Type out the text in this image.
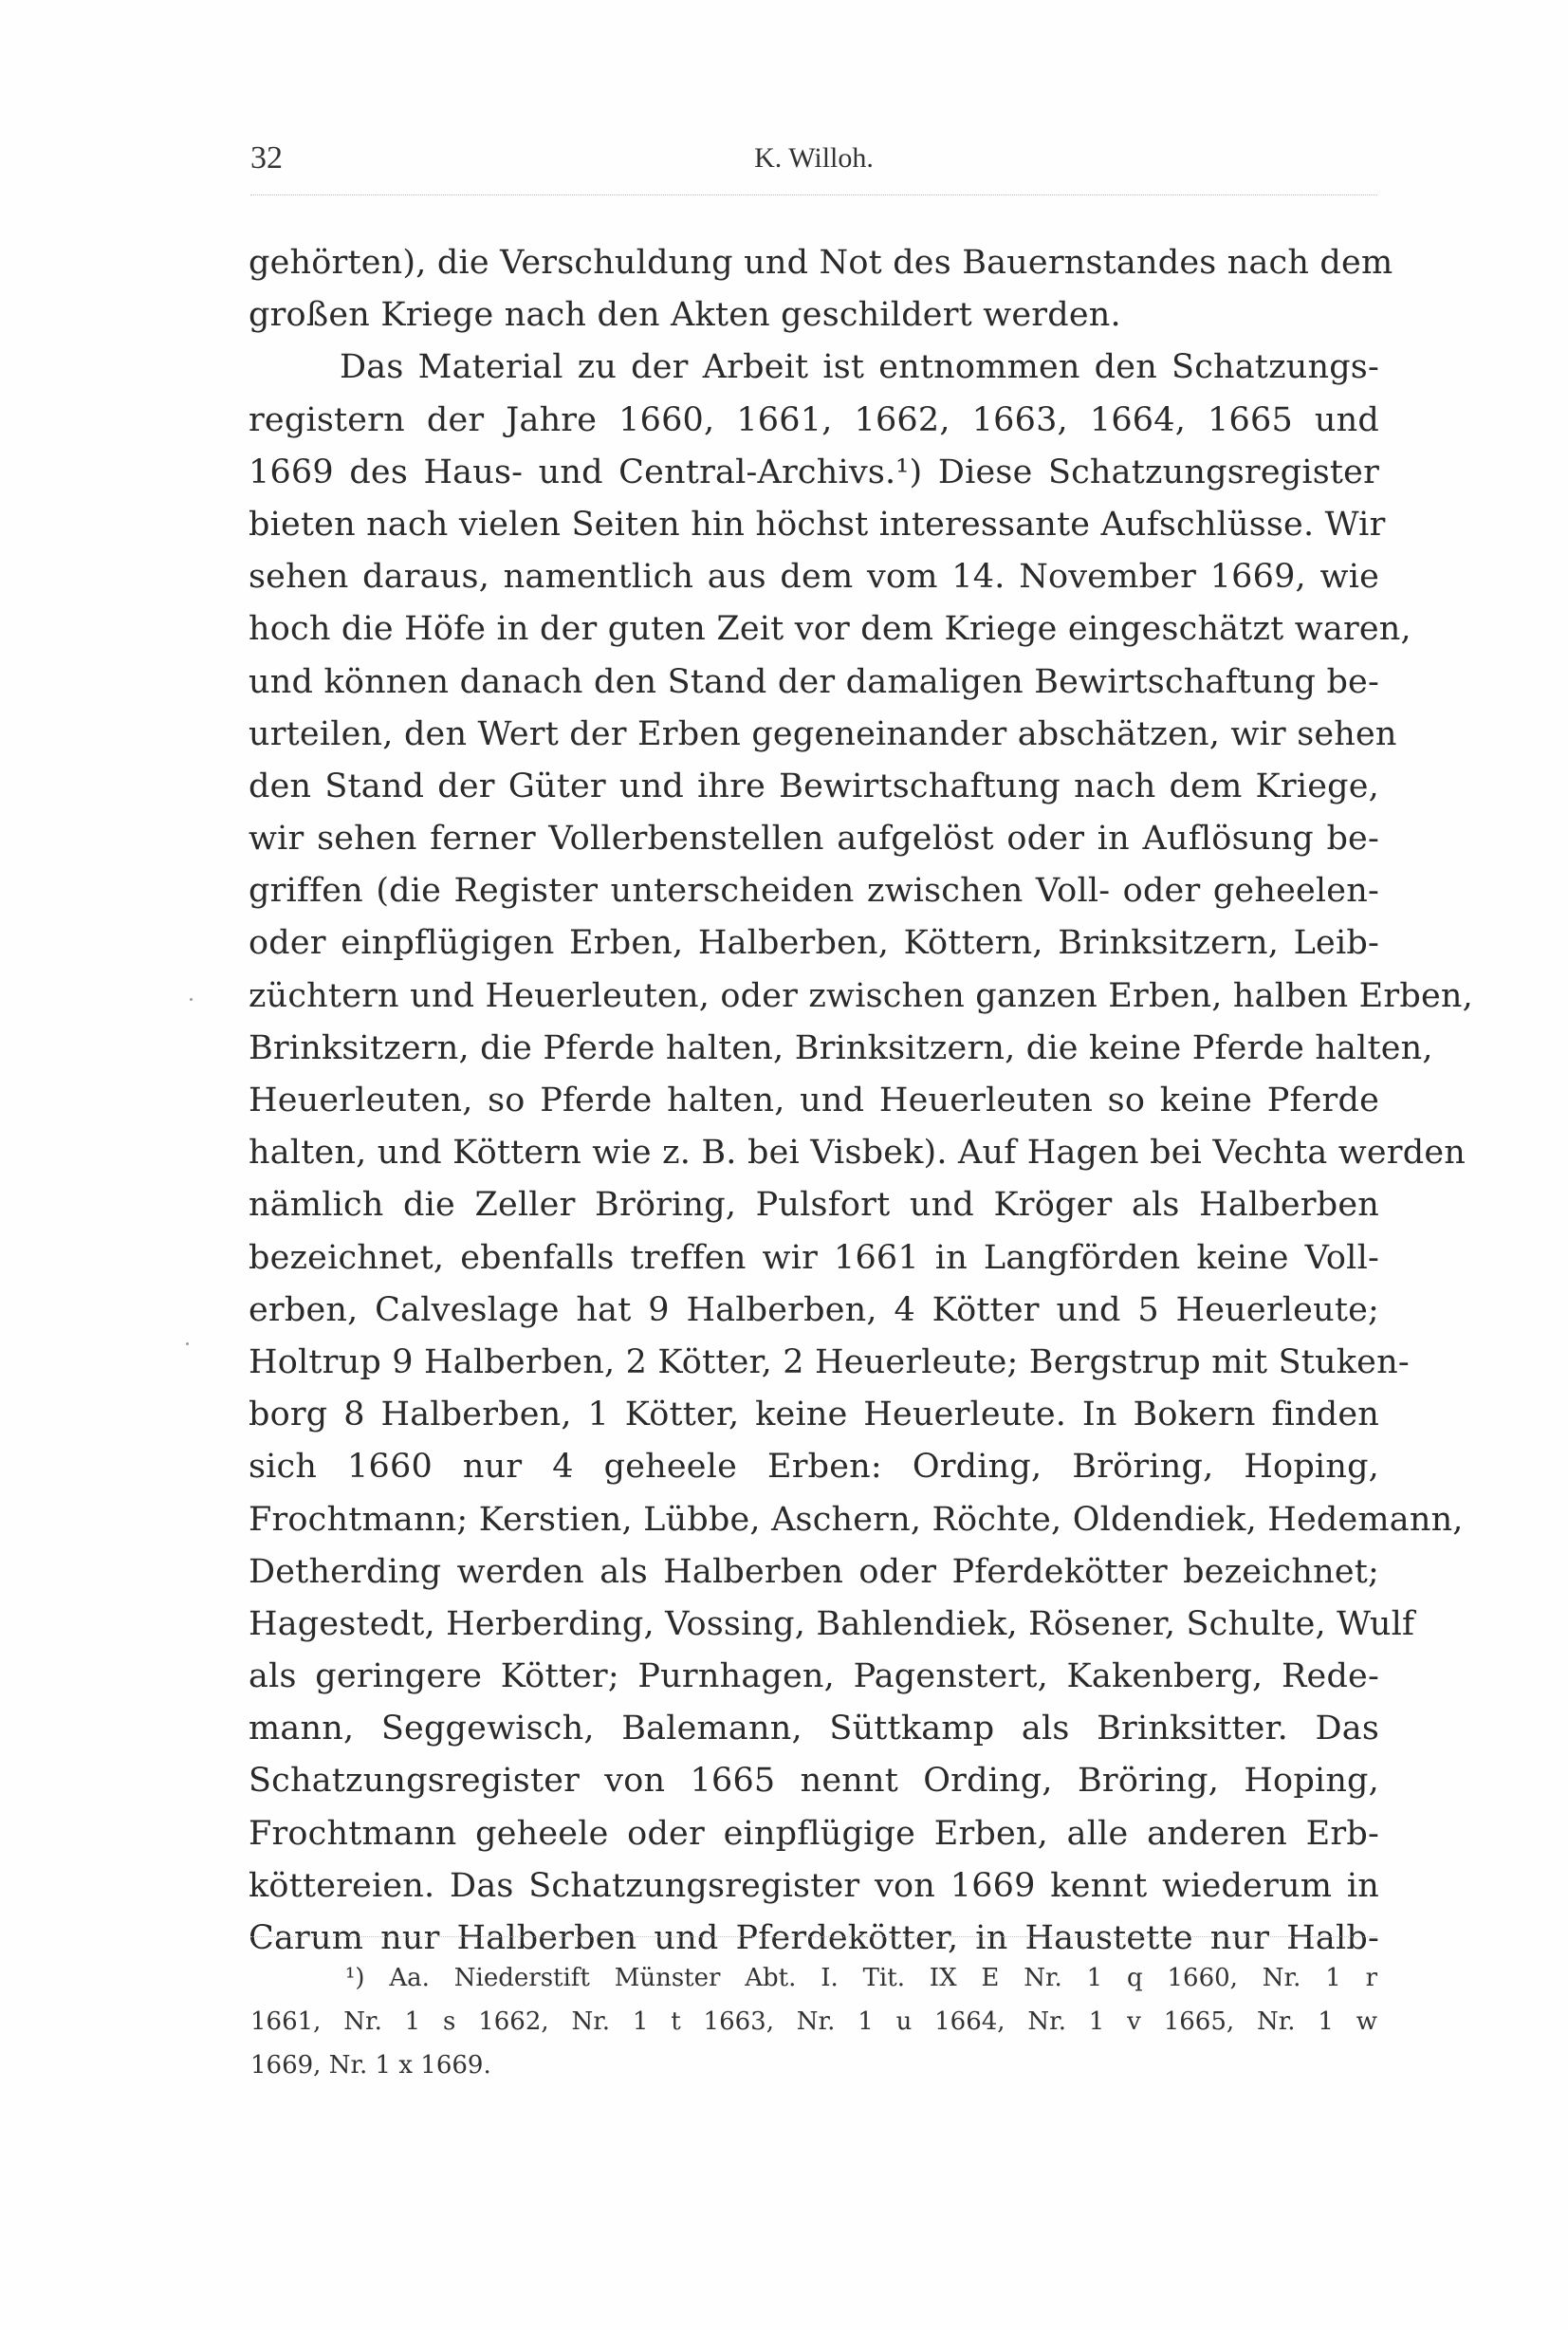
32	K. Willoh.
gehörten), die Verschuldung und Not des Bauernstandes nach dem
großen Kriege nach den Akten geschildert werden.
Das Material zu der Arbeit ist entnommen den Schatzungs-
registern der Jahre 1660, 1661, 1662, 1663, 1664, 1665 und
1669 des Haus- und Central-Archivs.¹) Diese Schatzungsregister
bieten nach vielen Seiten hin höchst interessante Aufschlüsse. Wir
sehen daraus, namentlich aus dem vom 14. November 1669, wie
hoch die Höfe in der guten Zeit vor dem Kriege eingeschätzt waren,
und können danach den Stand der damaligen Bewirtschaftung be-
urteilen, den Wert der Erben gegeneinander abschätzen, wir sehen
den Stand der Güter und ihre Bewirtschaftung nach dem Kriege,
wir sehen ferner Vollerbenstellen aufgelöst oder in Auflösung be-
griffen (die Register unterscheiden zwischen Voll- oder geheelen-
oder einpflügigen Erben, Halberben, Köttern, Brinksitzern, Leib-
züchtern und Heuerleuten, oder zwischen ganzen Erben, halben Erben,
Brinksitzern, die Pferde halten, Brinksitzern, die keine Pferde halten,
Heuerleuten, so Pferde halten, und Heuerleuten so keine Pferde
halten, und Köttern wie z. B. bei Visbek). Auf Hagen bei Vechta werden
nämlich die Zeller Bröring, Pulsfort und Kröger als Halberben
bezeichnet, ebenfalls treffen wir 1661 in Langförden keine Voll-
erben, Calveslage hat 9 Halberben, 4 Kötter und 5 Heuerleute;
Holtrup 9 Halberben, 2 Kötter, 2 Heuerleute; Bergstrup mit Stuken-
borg 8 Halberben, 1 Kötter, keine Heuerleute. In Bokern finden
sich 1660 nur 4 geheele Erben: Ording, Bröring, Hoping,
Frochtmann; Kerstien, Lübbe, Aschern, Röchte, Oldendiek, Hedemann,
Detherding werden als Halberben oder Pferdekötter bezeichnet;
Hagestedt, Herberding, Vossing, Bahlendiek, Rösener, Schulte, Wulf
als geringere Kötter; Purnhagen, Pagenstert, Kakenberg, Rede-
mann, Seggewisch, Balemann, Süttkamp als Brinksitter. Das
Schatzungsregister von 1665 nennt Ording, Bröring, Hoping,
Frochtmann geheele oder einpflügige Erben, alle anderen Erb-
köttereien. Das Schatzungsregister von 1669 kennt wiederum in
Carum nur Halberben und Pferdekötter, in Haustette nur Halb-
¹) Aa. Niederstift Münster Abt. I. Tit. IX E Nr. 1 q 1660, Nr. 1 r
1661, Nr. 1 s 1662, Nr. 1 t 1663, Nr. 1 u 1664, Nr. 1 v 1665, Nr. 1 w
1669, Nr. 1 x 1669.
